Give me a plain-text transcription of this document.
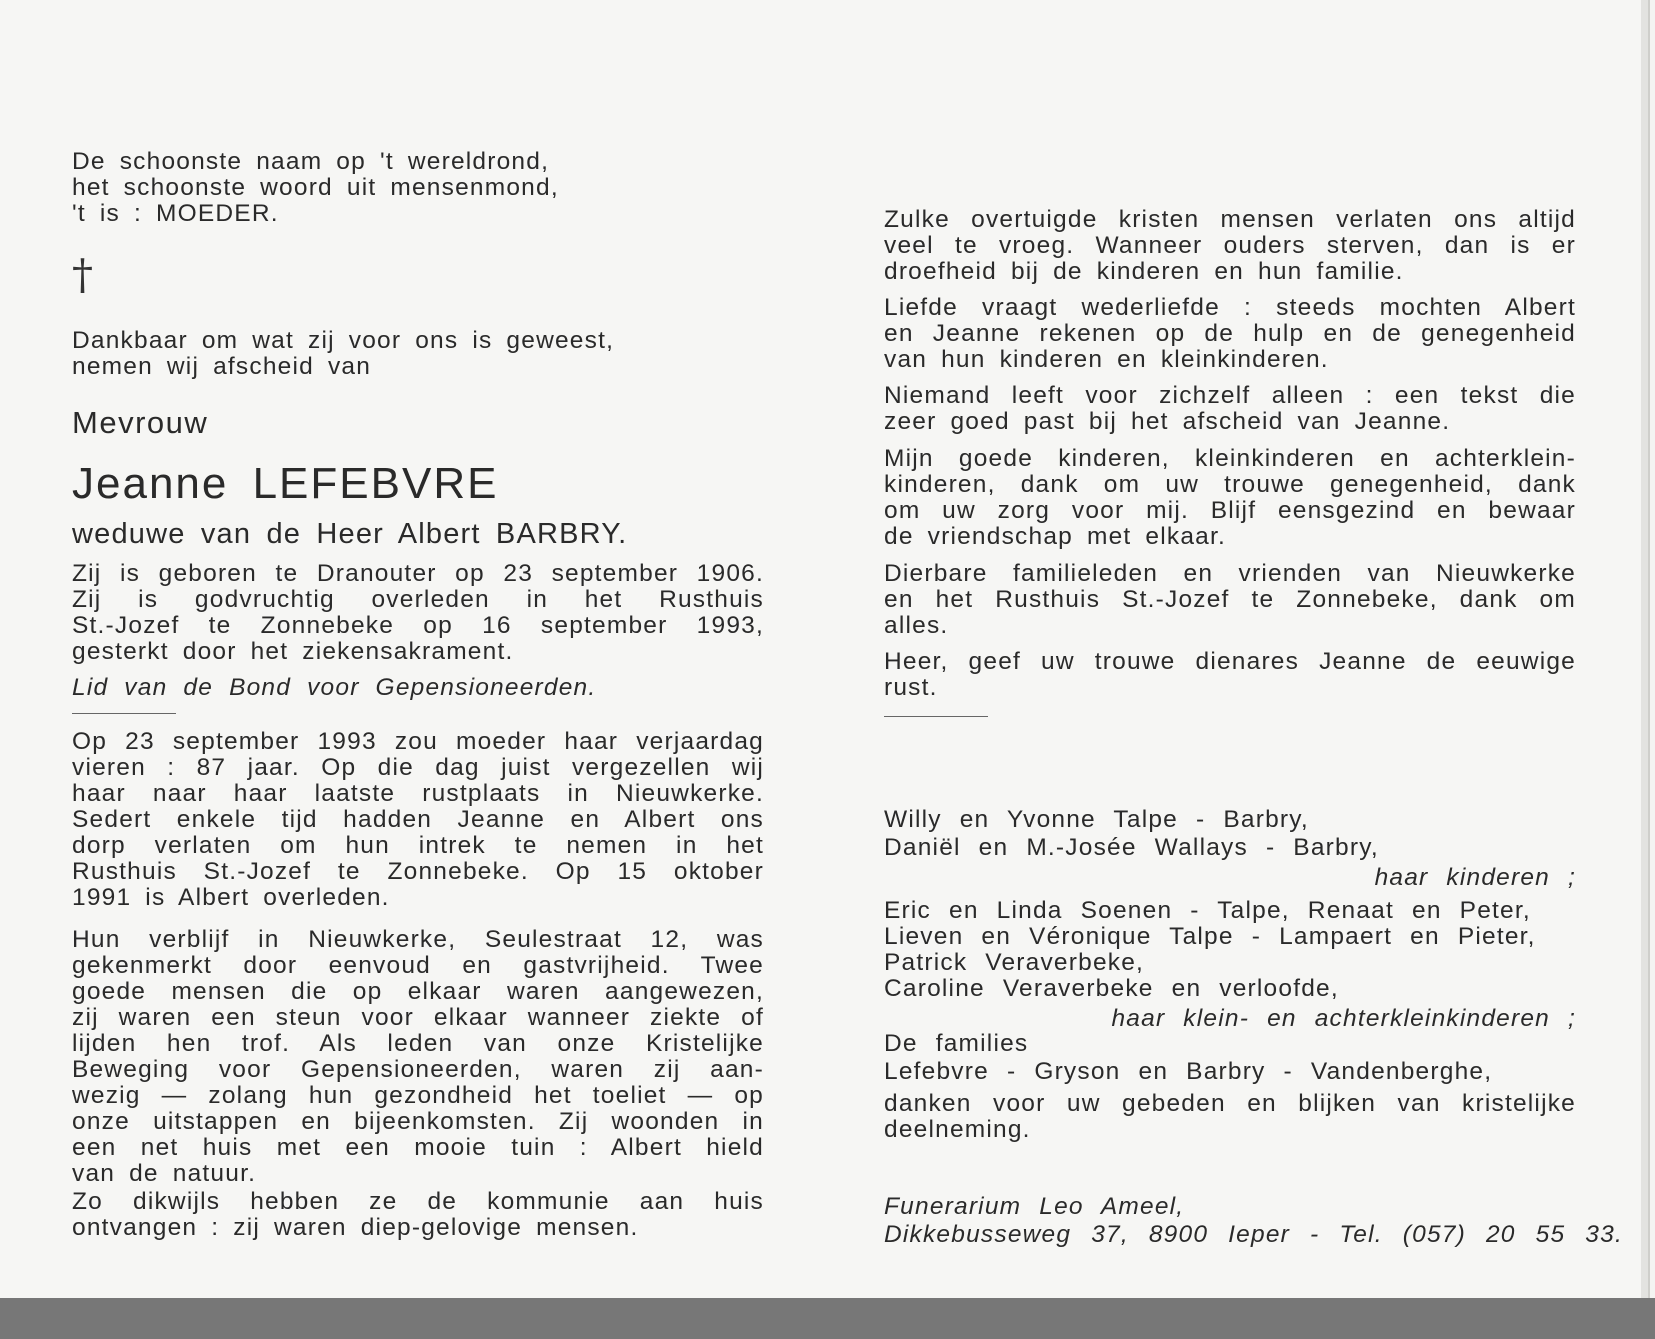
De schoonste naam op 't wereldrond,
het schoonste woord uit mensenmond,
't is : MOEDER.
†
Dankbaar om wat zij voor ons is geweest,
nemen wij afscheid van
Mevrouw
Jeanne LEFEBVRE
weduwe van de Heer Albert BARBRY.
Zij is geboren te Dranouter op 23 september 1906.
Zij is godvruchtig overleden in het Rusthuis
St.-Jozef te Zonnebeke op 16 september 1993,
gesterkt door het ziekensakrament.
Lid van de Bond voor Gepensioneerden.
Op 23 september 1993 zou moeder haar verjaardag
vieren : 87 jaar. Op die dag juist vergezellen wij
haar naar haar laatste rustplaats in Nieuwkerke.
Sedert enkele tijd hadden Jeanne en Albert ons
dorp verlaten om hun intrek te nemen in het
Rusthuis St.-Jozef te Zonnebeke. Op 15 oktober
1991 is Albert overleden.
Hun verblijf in Nieuwkerke, Seulestraat 12, was
gekenmerkt door eenvoud en gastvrijheid. Twee
goede mensen die op elkaar waren aangewezen,
zij waren een steun voor elkaar wanneer ziekte of
lijden hen trof. Als leden van onze Kristelijke
Beweging voor Gepensioneerden, waren zij aan-
wezig — zolang hun gezondheid het toeliet — op
onze uitstappen en bijeenkomsten. Zij woonden in
een net huis met een mooie tuin : Albert hield
van de natuur.
Zo dikwijls hebben ze de kommunie aan huis
ontvangen : zij waren diep-gelovige mensen.
Zulke overtuigde kristen mensen verlaten ons altijd
veel te vroeg. Wanneer ouders sterven, dan is er
droefheid bij de kinderen en hun familie.
Liefde vraagt wederliefde : steeds mochten Albert
en Jeanne rekenen op de hulp en de genegenheid
van hun kinderen en kleinkinderen.
Niemand leeft voor zichzelf alleen : een tekst die
zeer goed past bij het afscheid van Jeanne.
Mijn goede kinderen, kleinkinderen en achterklein-
kinderen, dank om uw trouwe genegenheid, dank
om uw zorg voor mij. Blijf eensgezind en bewaar
de vriendschap met elkaar.
Dierbare familieleden en vrienden van Nieuwkerke
en het Rusthuis St.-Jozef te Zonnebeke, dank om
alles.
Heer, geef uw trouwe dienares Jeanne de eeuwige
rust.
Willy en Yvonne Talpe - Barbry,
Daniël en M.-Josée Wallays - Barbry,
haar kinderen ;
Eric en Linda Soenen - Talpe, Renaat en Peter,
Lieven en Véronique Talpe - Lampaert en Pieter,
Patrick Veraverbeke,
Caroline Veraverbeke en verloofde,
haar klein- en achterkleinkinderen ;
De families
Lefebvre - Gryson en Barbry - Vandenberghe,
danken voor uw gebeden en blijken van kristelijke
deelneming.
Funerarium Leo Ameel,
Dikkebusseweg 37, 8900 Ieper - Tel. (057) 20 55 33.
